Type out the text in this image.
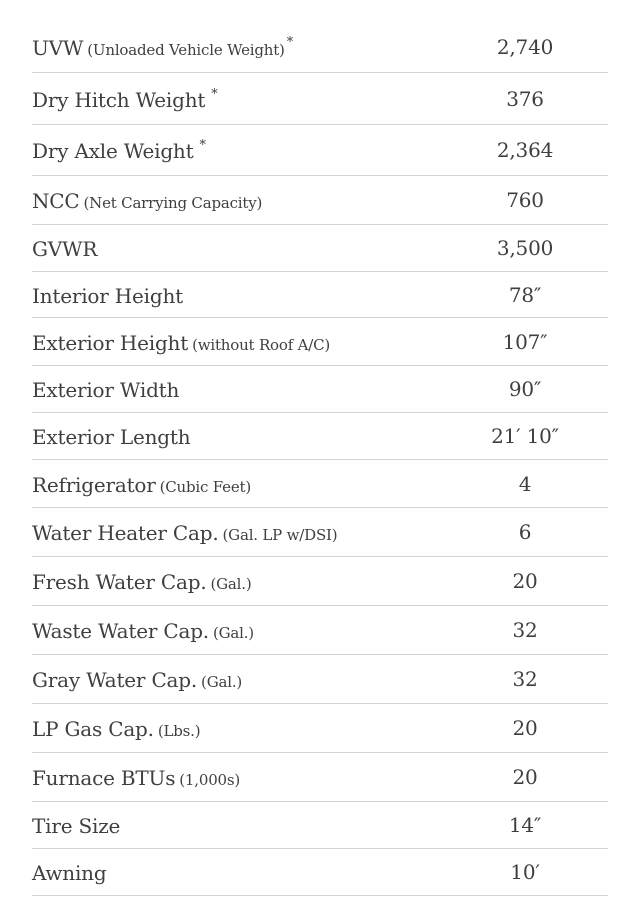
UVW (Unloaded Vehicle Weight) *	2,740
Dry Hitch Weight *	376
Dry Axle Weight *	2,364
NCC (Net Carrying Capacity)	760
GVWR	3,500
Interior Height	78″
Exterior Height (without Roof A/C)	107″
Exterior Width	90″
Exterior Length	21′ 10″
Refrigerator (Cubic Feet)	4
Water Heater Cap. (Gal. LP w/DSI)	6
Fresh Water Cap. (Gal.)	20
Waste Water Cap. (Gal.)	32
Gray Water Cap. (Gal.)	32
LP Gas Cap. (Lbs.)	20
Furnace BTUs (1,000s)	20
Tire Size	14″
Awning	10′
